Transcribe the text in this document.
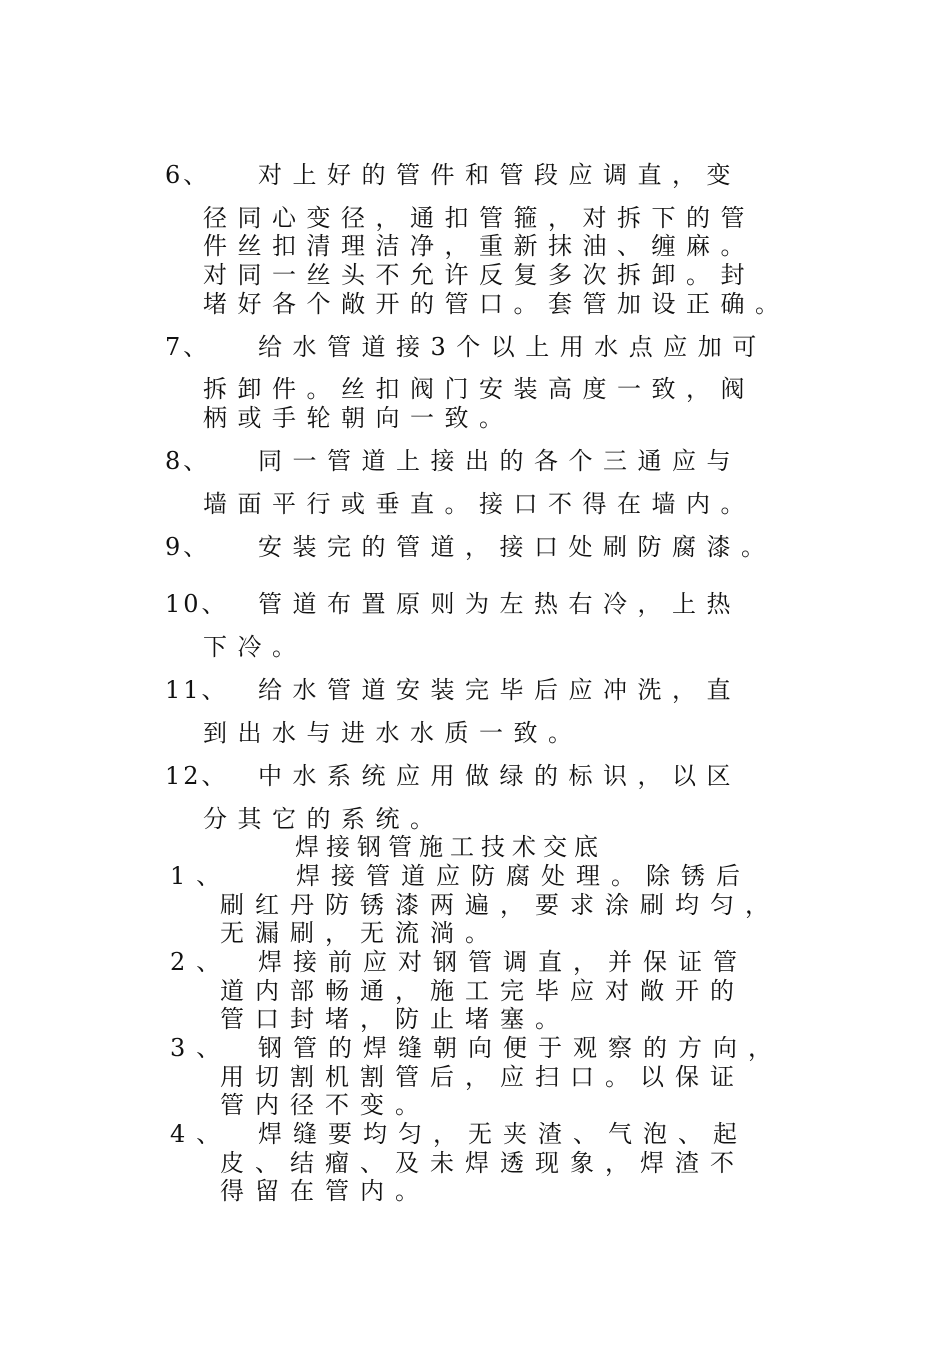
6、 对上好的管件和管段应调直，变
径同心变径，通扣管箍，对拆下的管
件丝扣清理洁净，重新抹油、缠麻。
对同一丝头不允许反复多次拆卸。封
堵好各个敞开的管口。套管加设正确。
7、 给水管道接3个以上用水点应加可
拆卸件。丝扣阀门安装高度一致，阀
柄或手轮朝向一致。
8、 同一管道上接出的各个三通应与
墙面平行或垂直。接口不得在墙内。
9、 安装完的管道，接口处刷防腐漆。
10、 管道布置原则为左热右冷，上热
下冷。
11、 给水管道安装完毕后应冲洗，直
到出水与进水水质一致。
12、 中水系统应用做绿的标识，以区
分其它的系统。
焊接钢管施工技术交底
1、	焊接管道应防腐处理。除锈后
刷红丹防锈漆两遍，要求涂刷均匀，
无漏刷，无流淌。
2、 焊接前应对钢管调直，并保证管
道内部畅通，施工完毕应对敞开的
管口封堵，防止堵塞。
3、 钢管的焊缝朝向便于观察的方向，
用切割机割管后，应扫口。以保证
管内径不变。
4、 焊缝要均匀，无夹渣、气泡、起
皮、结瘤、及未焊透现象，焊渣不
得留在管内。
